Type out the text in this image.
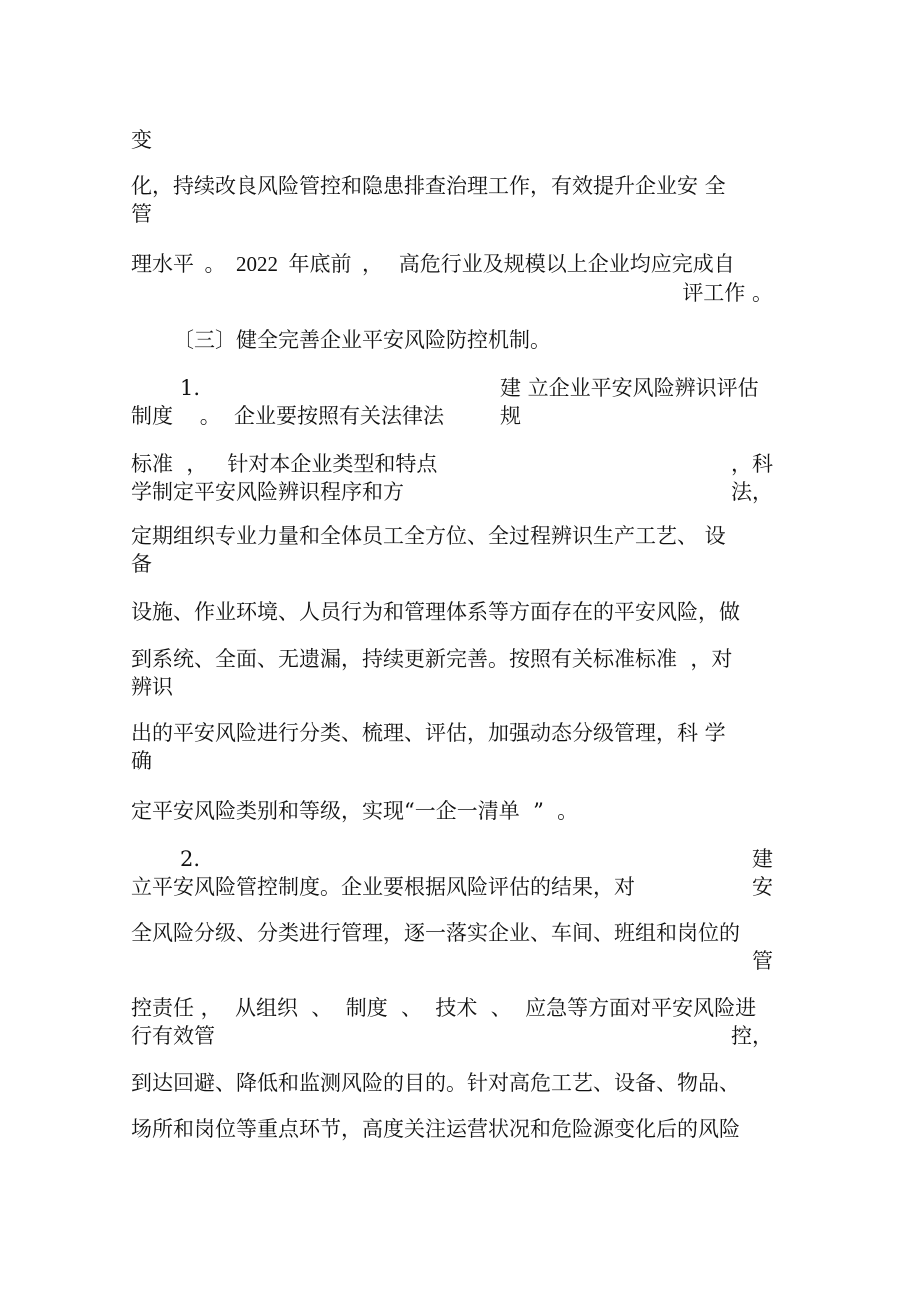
变
化，持续改良风险管控和隐患排查治理工作，有效提升企业安 全
管
理水平  。  2022  年底前  ，   高危行业及规模以上企业均应完成自
评工作 。
〔三〕健全完善企业平安风险防控机制。
1.	建 立企业平安风险辨识评估
制度    。  企业要按照有关法律法	规
标准  ，   针对本企业类型和特点	，科
学制定平安风险辨识程序和方	法，
定期组织专业力量和全体员工全方位、全过程辨识生产工艺、 设
备
设施、作业环境、人员行为和管理体系等方面存在的平安风险，做
到系统、全面、无遗漏，持续更新完善。按照有关标准标准  ，对
辨识
出的平安风险进行分类、梳理、评估，加强动态分级管理，科 学
确
定平安风险类别和等级，实现“一企一清单  ”  。
2.	建
立平安风险管控制度。企业要根据风险评估的结果，对	安
全风险分级、分类进行管理，逐一落实企业、车间、班组和岗位的
管
控责任 ，  从组织  、  制度  、  技术  、  应急等方面对平安风险进
行有效管	控，
到达回避、降低和监测风险的目的。针对高危工艺、设备、物品、
场所和岗位等重点环节，高度关注运营状况和危险源变化后的风险
